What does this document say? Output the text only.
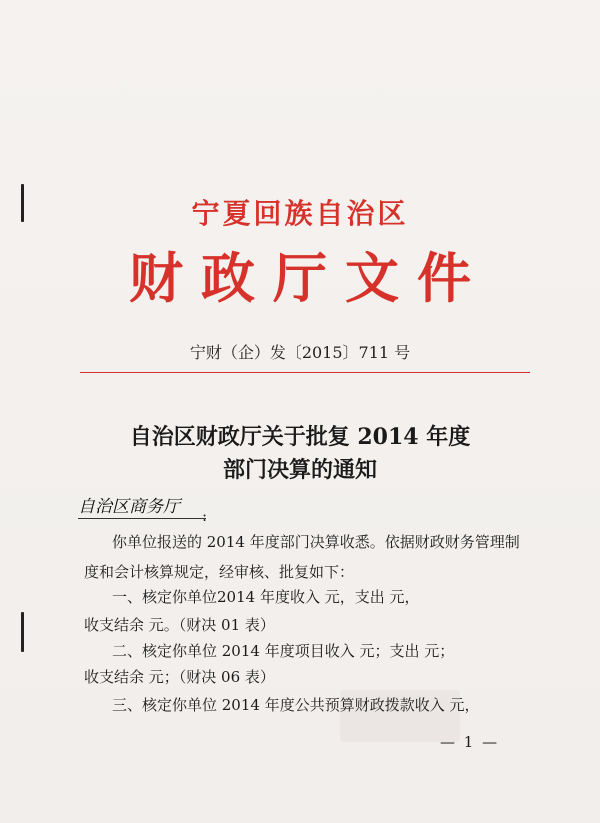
宁夏回族自治区
财政厅文件
宁财（企）发〔2015〕711 号
自治区财政厅关于批复 2014 年度
部门决算的通知
自治区商务厅 :
你单位报送的 2014 年度部门决算收悉。依据财政财务管理制
度和会计核算规定，经审核、批复如下：
一、核定你单位2014 年度收入 元，支出 元，
收支结余 元。（财决 01 表）
二、核定你单位 2014 年度项目收入 元；支出 元；
收支结余 元；（财决 06 表）
三、核定你单位 2014 年度公共预算财政拨款收入 元，
— 1 —
